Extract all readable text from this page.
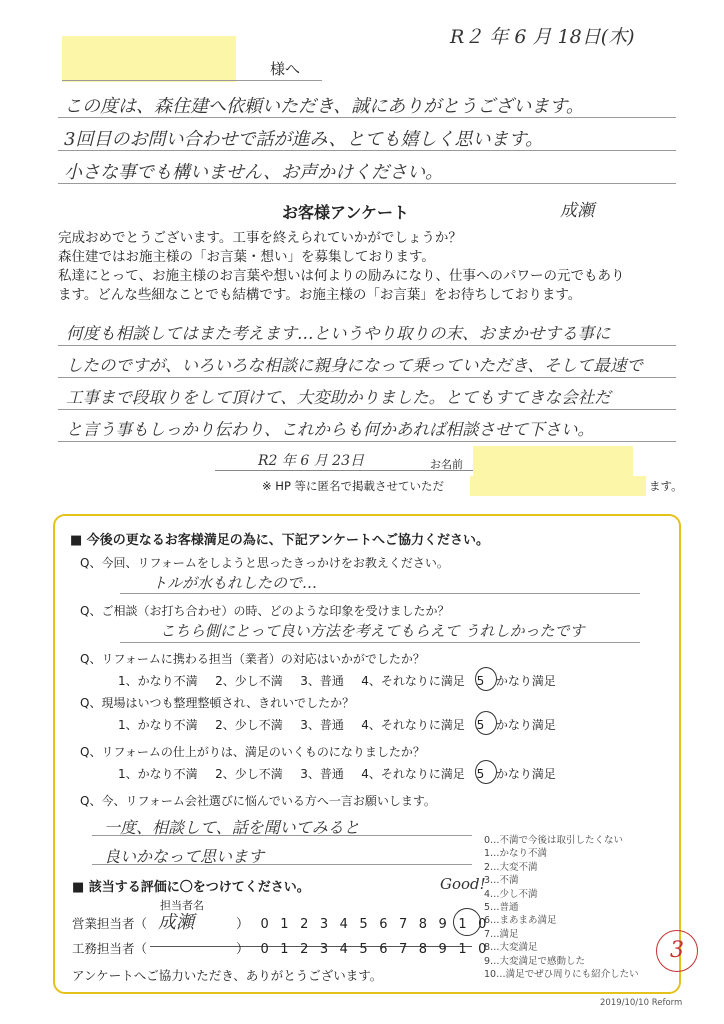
R２ 年 6 月 18日(木)
様へ
この度は、森住建へ依頼いただき、誠にありがとうございます。
3回目のお問い合わせで話が進み、とても嬉しく思います。
小さな事でも構いません、お声かけください。
成瀬
お客様アンケート
完成おめでとうございます。工事を終えられていかがでしょうか？
森住建ではお施主様の「お言葉・想い」を募集しております。
私達にとって、お施主様のお言葉や想いは何よりの励みになり、仕事へのパワーの元でもあり
ます。どんな些細なことでも結構です。お施主様の「お言葉」をお待ちしております。
何度も相談してはまた考えます…というやり取りの末、おまかせする事に
したのですが、いろいろな相談に親身になって乗っていただき、そして最速で
工事まで段取りをして頂けて、大変助かりました。とてもすてきな会社だ
と言う事もしっかり伝わり、これからも何かあれば相談させて下さい。
R2 年 6 月 23日	お名前
※ HP 等に匿名で掲載させていただ	ます。
■ 今後の更なるお客様満足の為に、下記アンケートへご協力ください。
Q、今回、リフォームをしようと思ったきっかけをお教えください。
トルが水もれしたので…
Q、ご相談（お打ち合わせ）の時、どのような印象を受けましたか？
こちら側にとって良い方法を考えてもらえて うれしかったです
Q、リフォームに携わる担当（業者）の対応はいかがでしたか？
1、かなり不満 2、少し不満 3、普通 4、それなりに満足 5 かなり満足
Q、現場はいつも整理整頓され、きれいでしたか？
1、かなり不満 2、少し不満 3、普通 4、それなりに満足 5 かなり満足
Q、リフォームの仕上がりは、満足のいくものになりましたか？
1、かなり不満 2、少し不満 3、普通 4、それなりに満足 5 かなり満足
Q、今、リフォーム会社選びに悩んでいる方へ一言お願いします。
一度、相談して、話を聞いてみると
良いかなって思います
0…不満で今後は取引したくない
1…かなり不満
2…大変不満
3…不満
4…少し不満
5…普通
6…まあまあ満足
7…満足
8…大変満足
9…大変満足で感動した
10…満足でぜひ周りにも紹介したい
■ 該当する評価に〇をつけてください。	Good!
担当者名
営業担当者（ 成瀬	）012345678910
工務担当者（	）012345678910
アンケートへご協力いただき、ありがとうございます。
3
2019/10/10 Reform
